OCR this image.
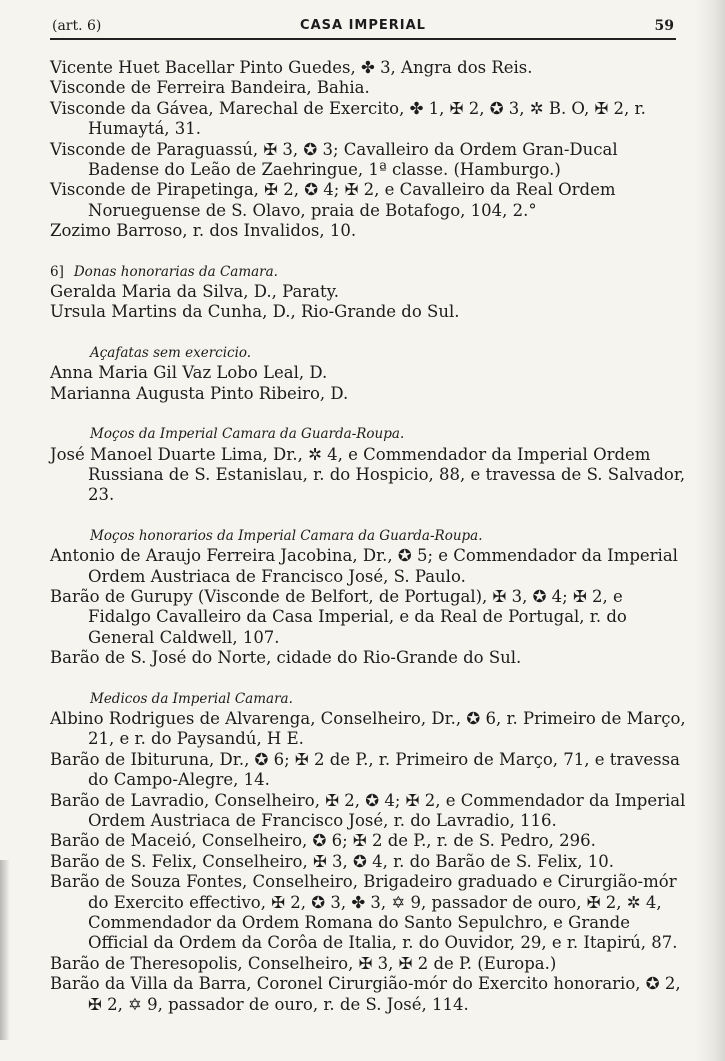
(art. 6)	CASA IMPERIAL	59

Vicente Huet Bacellar Pinto Guedes, ✤ 3, Angra dos Reis.

Visconde de Ferreira Bandeira, Bahia.

Visconde da Gávea, Marechal de Exercito, ✤ 1, ✠ 2, ✪ 3, ✲ B. O, ✠ 2, r. Humaytá, 31.

Visconde de Paraguassú, ✠ 3, ✪ 3; Cavalleiro da Ordem Gran-Ducal Badense do Leão de Zaehringue, 1ª classe. (Hamburgo.)

Visconde de Pirapetinga, ✠ 2, ✪ 4; ✠ 2, e Cavalleiro da Real Ordem Norueguense de S. Olavo, praia de Botafogo, 104, 2.°

Zozimo Barroso, r. dos Invalidos, 10.

6] Donas honorarias da Camara.

Geralda Maria da Silva, D., Paraty.

Ursula Martins da Cunha, D., Rio-Grande do Sul.

Açafatas sem exercicio.

Anna Maria Gil Vaz Lobo Leal, D.

Marianna Augusta Pinto Ribeiro, D.

Moços da Imperial Camara da Guarda-Roupa.

José Manoel Duarte Lima, Dr., ✲ 4, e Commendador da Imperial Ordem Russiana de S. Estanislau, r. do Hospicio, 88, e travessa de S. Salvador, 23.

Moços honorarios da Imperial Camara da Guarda-Roupa.

Antonio de Araujo Ferreira Jacobina, Dr., ✪ 5; e Commendador da Imperial Ordem Austriaca de Francisco José, S. Paulo.

Barão de Gurupy (Visconde de Belfort, de Portugal), ✠ 3, ✪ 4; ✠ 2, e Fidalgo Cavalleiro da Casa Imperial, e da Real de Portugal, r. do General Caldwell, 107.

Barão de S. José do Norte, cidade do Rio-Grande do Sul.

Medicos da Imperial Camara.

Albino Rodrigues de Alvarenga, Conselheiro, Dr., ✪ 6, r. Primeiro de Março, 21, e r. do Paysandú, H E.

Barão de Ibituruna, Dr., ✪ 6; ✠ 2 de P., r. Primeiro de Março, 71, e travessa do Campo-Alegre, 14.

Barão de Lavradio, Conselheiro, ✠ 2, ✪ 4; ✠ 2, e Commendador da Imperial Ordem Austriaca de Francisco José, r. do Lavradio, 116.

Barão de Maceió, Conselheiro, ✪ 6; ✠ 2 de P., r. de S. Pedro, 296.

Barão de S. Felix, Conselheiro, ✠ 3, ✪ 4, r. do Barão de S. Felix, 10.

Barão de Souza Fontes, Conselheiro, Brigadeiro graduado e Cirurgião-mór do Exercito effectivo, ✠ 2, ✪ 3, ✤ 3, ✡ 9, passador de ouro, ✠ 2, ✲ 4, Commendador da Ordem Romana do Santo Sepulchro, e Grande Official da Ordem da Corôa de Italia, r. do Ouvidor, 29, e r. Itapirú, 87.

Barão de Theresopolis, Conselheiro, ✠ 3, ✠ 2 de P. (Europa.)

Barão da Villa da Barra, Coronel Cirurgião-mór do Exercito honorario, ✪ 2, ✠ 2, ✡ 9, passador de ouro, r. de S. José, 114.
